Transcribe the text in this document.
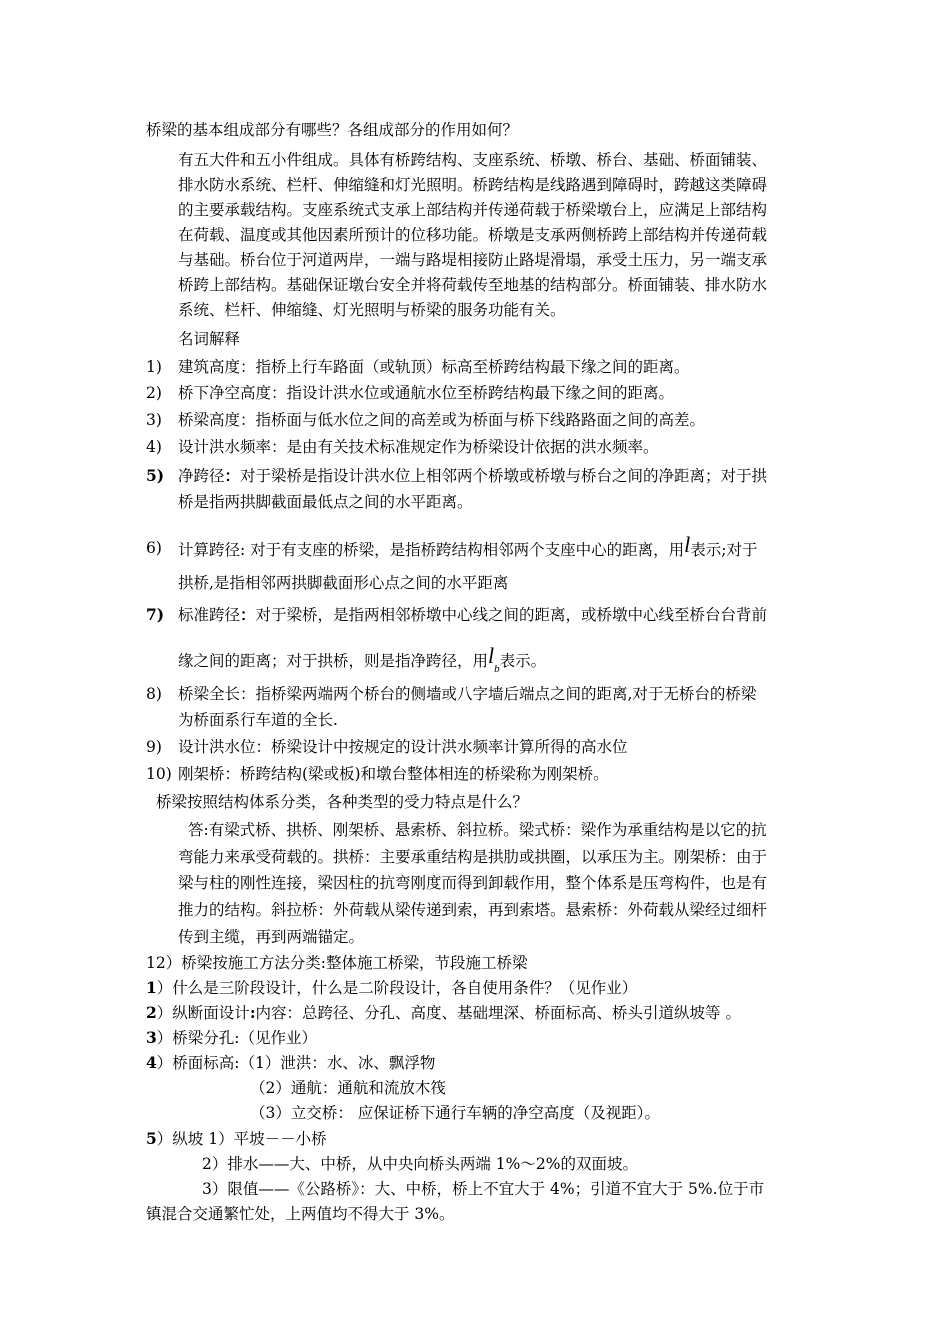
桥梁的基本组成部分有哪些？各组成部分的作用如何？
有五大件和五小件组成。具体有桥跨结构、支座系统、桥墩、桥台、基础、桥面铺装、
排水防水系统、栏杆、伸缩缝和灯光照明。桥跨结构是线路遇到障碍时，跨越这类障碍
的主要承载结构。支座系统式支承上部结构并传递荷载于桥梁墩台上，应满足上部结构
在荷载、温度或其他因素所预计的位移功能。桥墩是支承两侧桥跨上部结构并传递荷载
与基础。桥台位于河道两岸，一端与路堤相接防止路堤滑塌，承受土压力，另一端支承
桥跨上部结构。基础保证墩台安全并将荷载传至地基的结构部分。桥面铺装、排水防水
系统、栏杆、伸缩缝、灯光照明与桥梁的服务功能有关。
名词解释
1) 建筑高度：指桥上行车路面（或轨顶）标高至桥跨结构最下缘之间的距离。
2) 桥下净空高度：指设计洪水位或通航水位至桥跨结构最下缘之间的距离。
3) 桥梁高度：指桥面与低水位之间的高差或为桥面与桥下线路路面之间的高差。
4) 设计洪水频率：是由有关技术标准规定作为桥梁设计依据的洪水频率。
5) 净跨径：对于梁桥是指设计洪水位上相邻两个桥墩或桥墩与桥台之间的净距离；对于拱
桥是指两拱脚截面最低点之间的水平距离。
6) 计算跨径: 对于有支座的桥梁，是指桥跨结构相邻两个支座中心的距离，用l表示;对于
拱桥,是指相邻两拱脚截面形心点之间的水平距离
7) 标准跨径：对于梁桥，是指两相邻桥墩中心线之间的距离，或桥墩中心线至桥台台背前
缘之间的距离；对于拱桥，则是指净跨径，用$l_b$表示。
8) 桥梁全长：指桥梁两端两个桥台的侧墙或八字墙后端点之间的距离,对于无桥台的桥梁
为桥面系行车道的全长.
9) 设计洪水位：桥梁设计中按规定的设计洪水频率计算所得的高水位
10) 刚架桥：桥跨结构(梁或板)和墩台整体相连的桥梁称为刚架桥。
桥梁按照结构体系分类，各种类型的受力特点是什么？
答:有梁式桥、拱桥、刚架桥、悬索桥、斜拉桥。梁式桥：梁作为承重结构是以它的抗
弯能力来承受荷载的。拱桥：主要承重结构是拱肋或拱圈，以承压为主。刚架桥：由于
梁与柱的刚性连接，梁因柱的抗弯刚度而得到卸载作用，整个体系是压弯构件，也是有
推力的结构。斜拉桥：外荷载从梁传递到索，再到索塔。悬索桥：外荷载从梁经过细杆
传到主缆，再到两端锚定。
12）桥梁按施工方法分类:整体施工桥梁，节段施工桥梁
1）什么是三阶段设计，什么是二阶段设计，各自使用条件？（见作业）
2）纵断面设计:内容：总跨径、分孔、高度、基础埋深、桥面标高、桥头引道纵坡等 。
3）桥梁分孔:（见作业）
4）桥面标高:（1）泄洪：水、冰、飘浮物
（2）通航：通航和流放木筏
（3）立交桥： 应保证桥下通行车辆的净空高度（及视距）。
5）纵坡 1）平坡－－小桥
2）排水——大、中桥，从中央向桥头两端 1%～2%的双面坡。
3）限值——《公路桥》：大、中桥，桥上不宜大于 4%；引道不宜大于 5%.位于市
镇混合交通繁忙处，上两值均不得大于 3%。
